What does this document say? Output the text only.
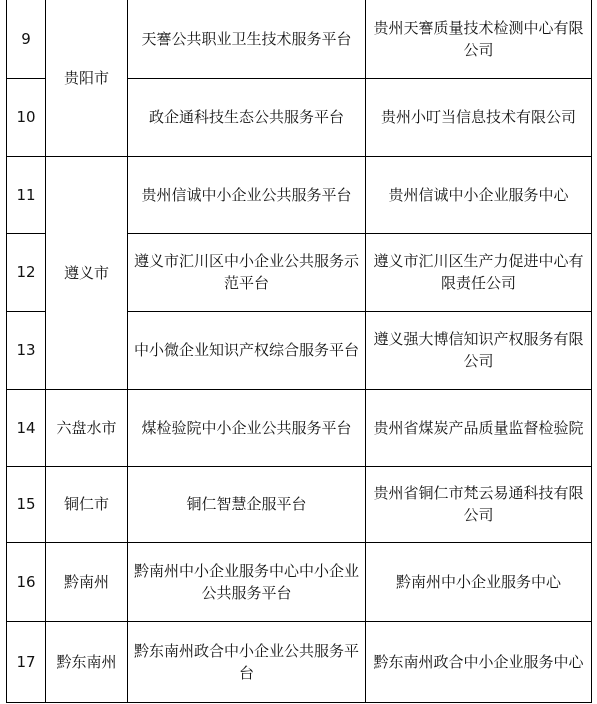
9	贵阳市	天謇公共职业卫生技术服务平台	贵州天謇质量技术检测中心有限公司
10		政企通科技生态公共服务平台	贵州小叮当信息技术有限公司
11	遵义市	贵州信诚中小企业公共服务平台	贵州信诚中小企业服务中心
12		遵义市汇川区中小企业公共服务示范平台	遵义市汇川区生产力促进中心有限责任公司
13		中小微企业知识产权综合服务平台	遵义强大博信知识产权服务有限公司
14	六盘水市	煤检验院中小企业公共服务平台	贵州省煤炭产品质量监督检验院
15	铜仁市	铜仁智慧企服平台	贵州省铜仁市梵云易通科技有限公司
16	黔南州	黔南州中小企业服务中心中小企业公共服务平台	黔南州中小企业服务中心
17	黔东南州	黔东南州政合中小企业公共服务平台	黔东南州政合中小企业服务中心
